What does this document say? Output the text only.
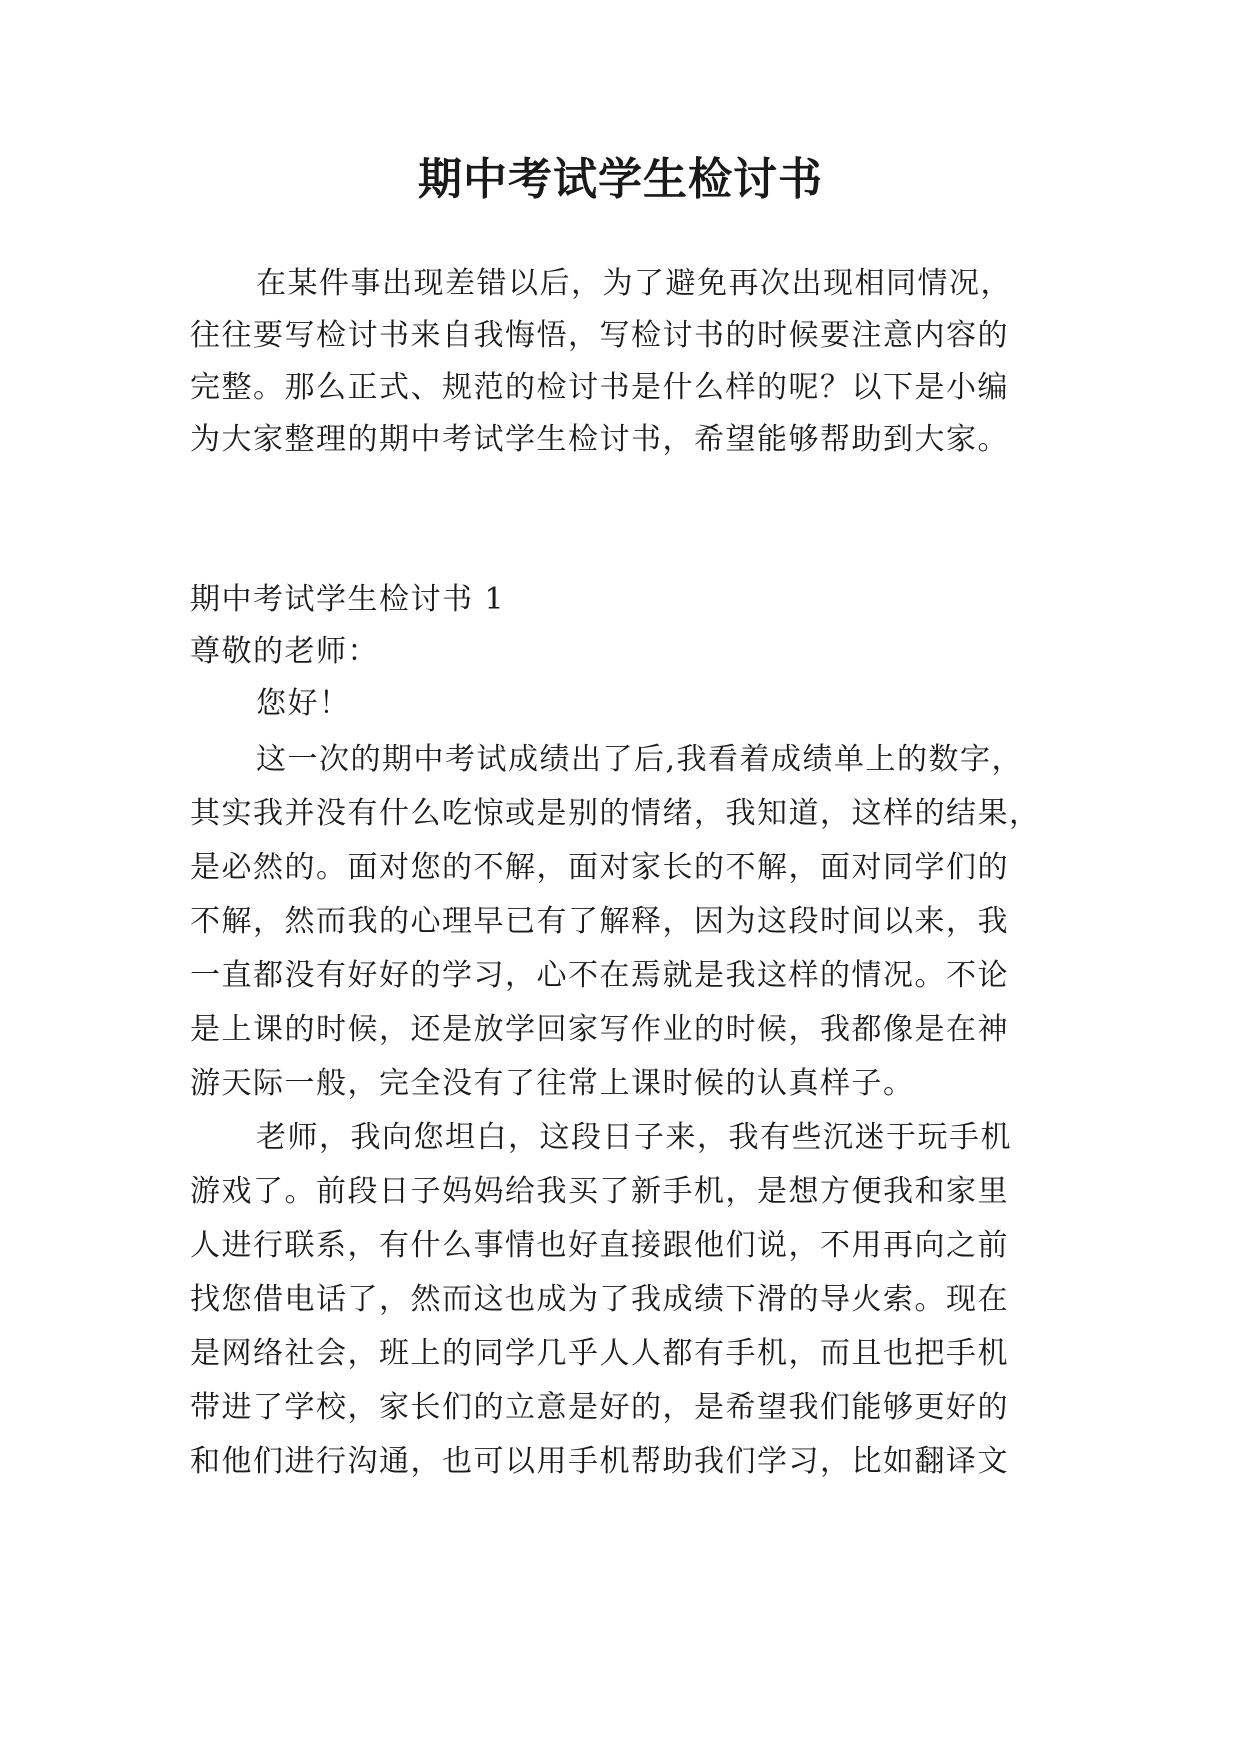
期中考试学生检讨书
在某件事出现差错以后，为了避免再次出现相同情况，
往往要写检讨书来自我悔悟，写检讨书的时候要注意内容的
完整。那么正式、规范的检讨书是什么样的呢？以下是小编
为大家整理的期中考试学生检讨书，希望能够帮助到大家。
期中考试学生检讨书 1
尊敬的老师：
您好！
这一次的期中考试成绩出了后,我看着成绩单上的数字，
其实我并没有什么吃惊或是别的情绪，我知道，这样的结果，
是必然的。面对您的不解，面对家长的不解，面对同学们的
不解，然而我的心理早已有了解释，因为这段时间以来，我
一直都没有好好的学习，心不在焉就是我这样的情况。不论
是上课的时候，还是放学回家写作业的时候，我都像是在神
游天际一般，完全没有了往常上课时候的认真样子。
老师，我向您坦白，这段日子来，我有些沉迷于玩手机
游戏了。前段日子妈妈给我买了新手机，是想方便我和家里
人进行联系，有什么事情也好直接跟他们说，不用再向之前
找您借电话了，然而这也成为了我成绩下滑的导火索。现在
是网络社会，班上的同学几乎人人都有手机，而且也把手机
带进了学校，家长们的立意是好的，是希望我们能够更好的
和他们进行沟通，也可以用手机帮助我们学习，比如翻译文
